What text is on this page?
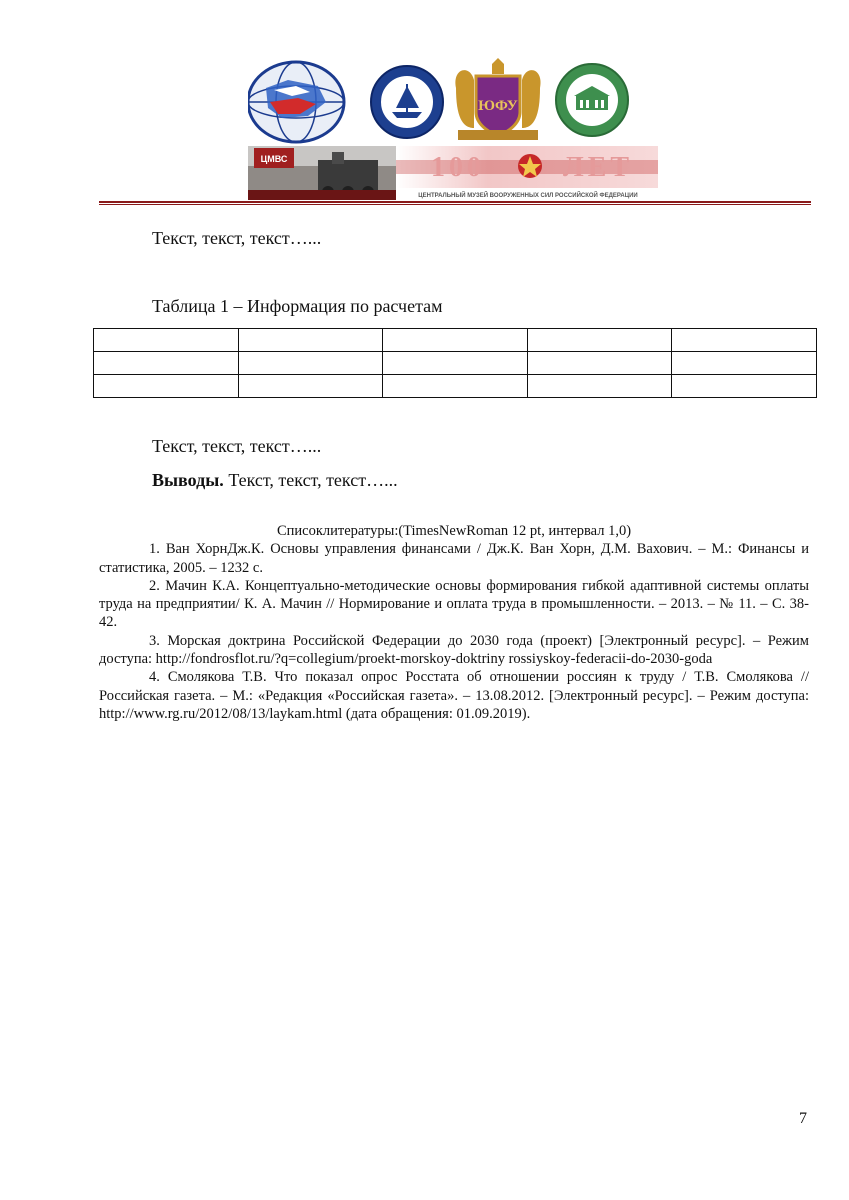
ЮФУ
ЦМВС	100	ЛЕТ
ЦЕНТРАЛЬНЫЙ МУЗЕЙ ВООРУЖЕННЫХ СИЛ РОССИЙСКОЙ ФЕДЕРАЦИИ
Текст, текст, текст…...
Таблица 1 – Информация по расчетам

Текст, текст, текст…...
Выводы. Текст, текст, текст…...

Списоклитературы:(TimesNewRoman 12 pt, интервал 1,0)

1. Ван ХорнДж.К. Основы управления финансами / Дж.К. Ван Хорн, Д.М. Вахович. – М.: Финансы и статистика, 2005. – 1232 с.

2. Мачин К.А. Концептуально-методические основы формирования гибкой адаптивной системы оплаты труда на предприятии/ К. А. Мачин // Нормирование и оплата труда в промышленности. – 2013. – № 11. – С. 38-42.

3. Морская доктрина Российской Федерации до 2030 года (проект) [Электронный ресурс]. – Режим доступа: http://fondrosflot.ru/?q=collegium/proekt-morskoy-doktriny rossiyskoy-federacii-do-2030-goda

4. Смолякова Т.В. Что показал опрос Росстата об отношении россиян к труду / Т.В. Смолякова // Российская газета. – М.: «Редакция «Российская газета». – 13.08.2012. [Электронный ресурс]. – Режим доступа: http://www.rg.ru/2012/08/13/laykam.html (дата обращения: 01.09.2019).

7
